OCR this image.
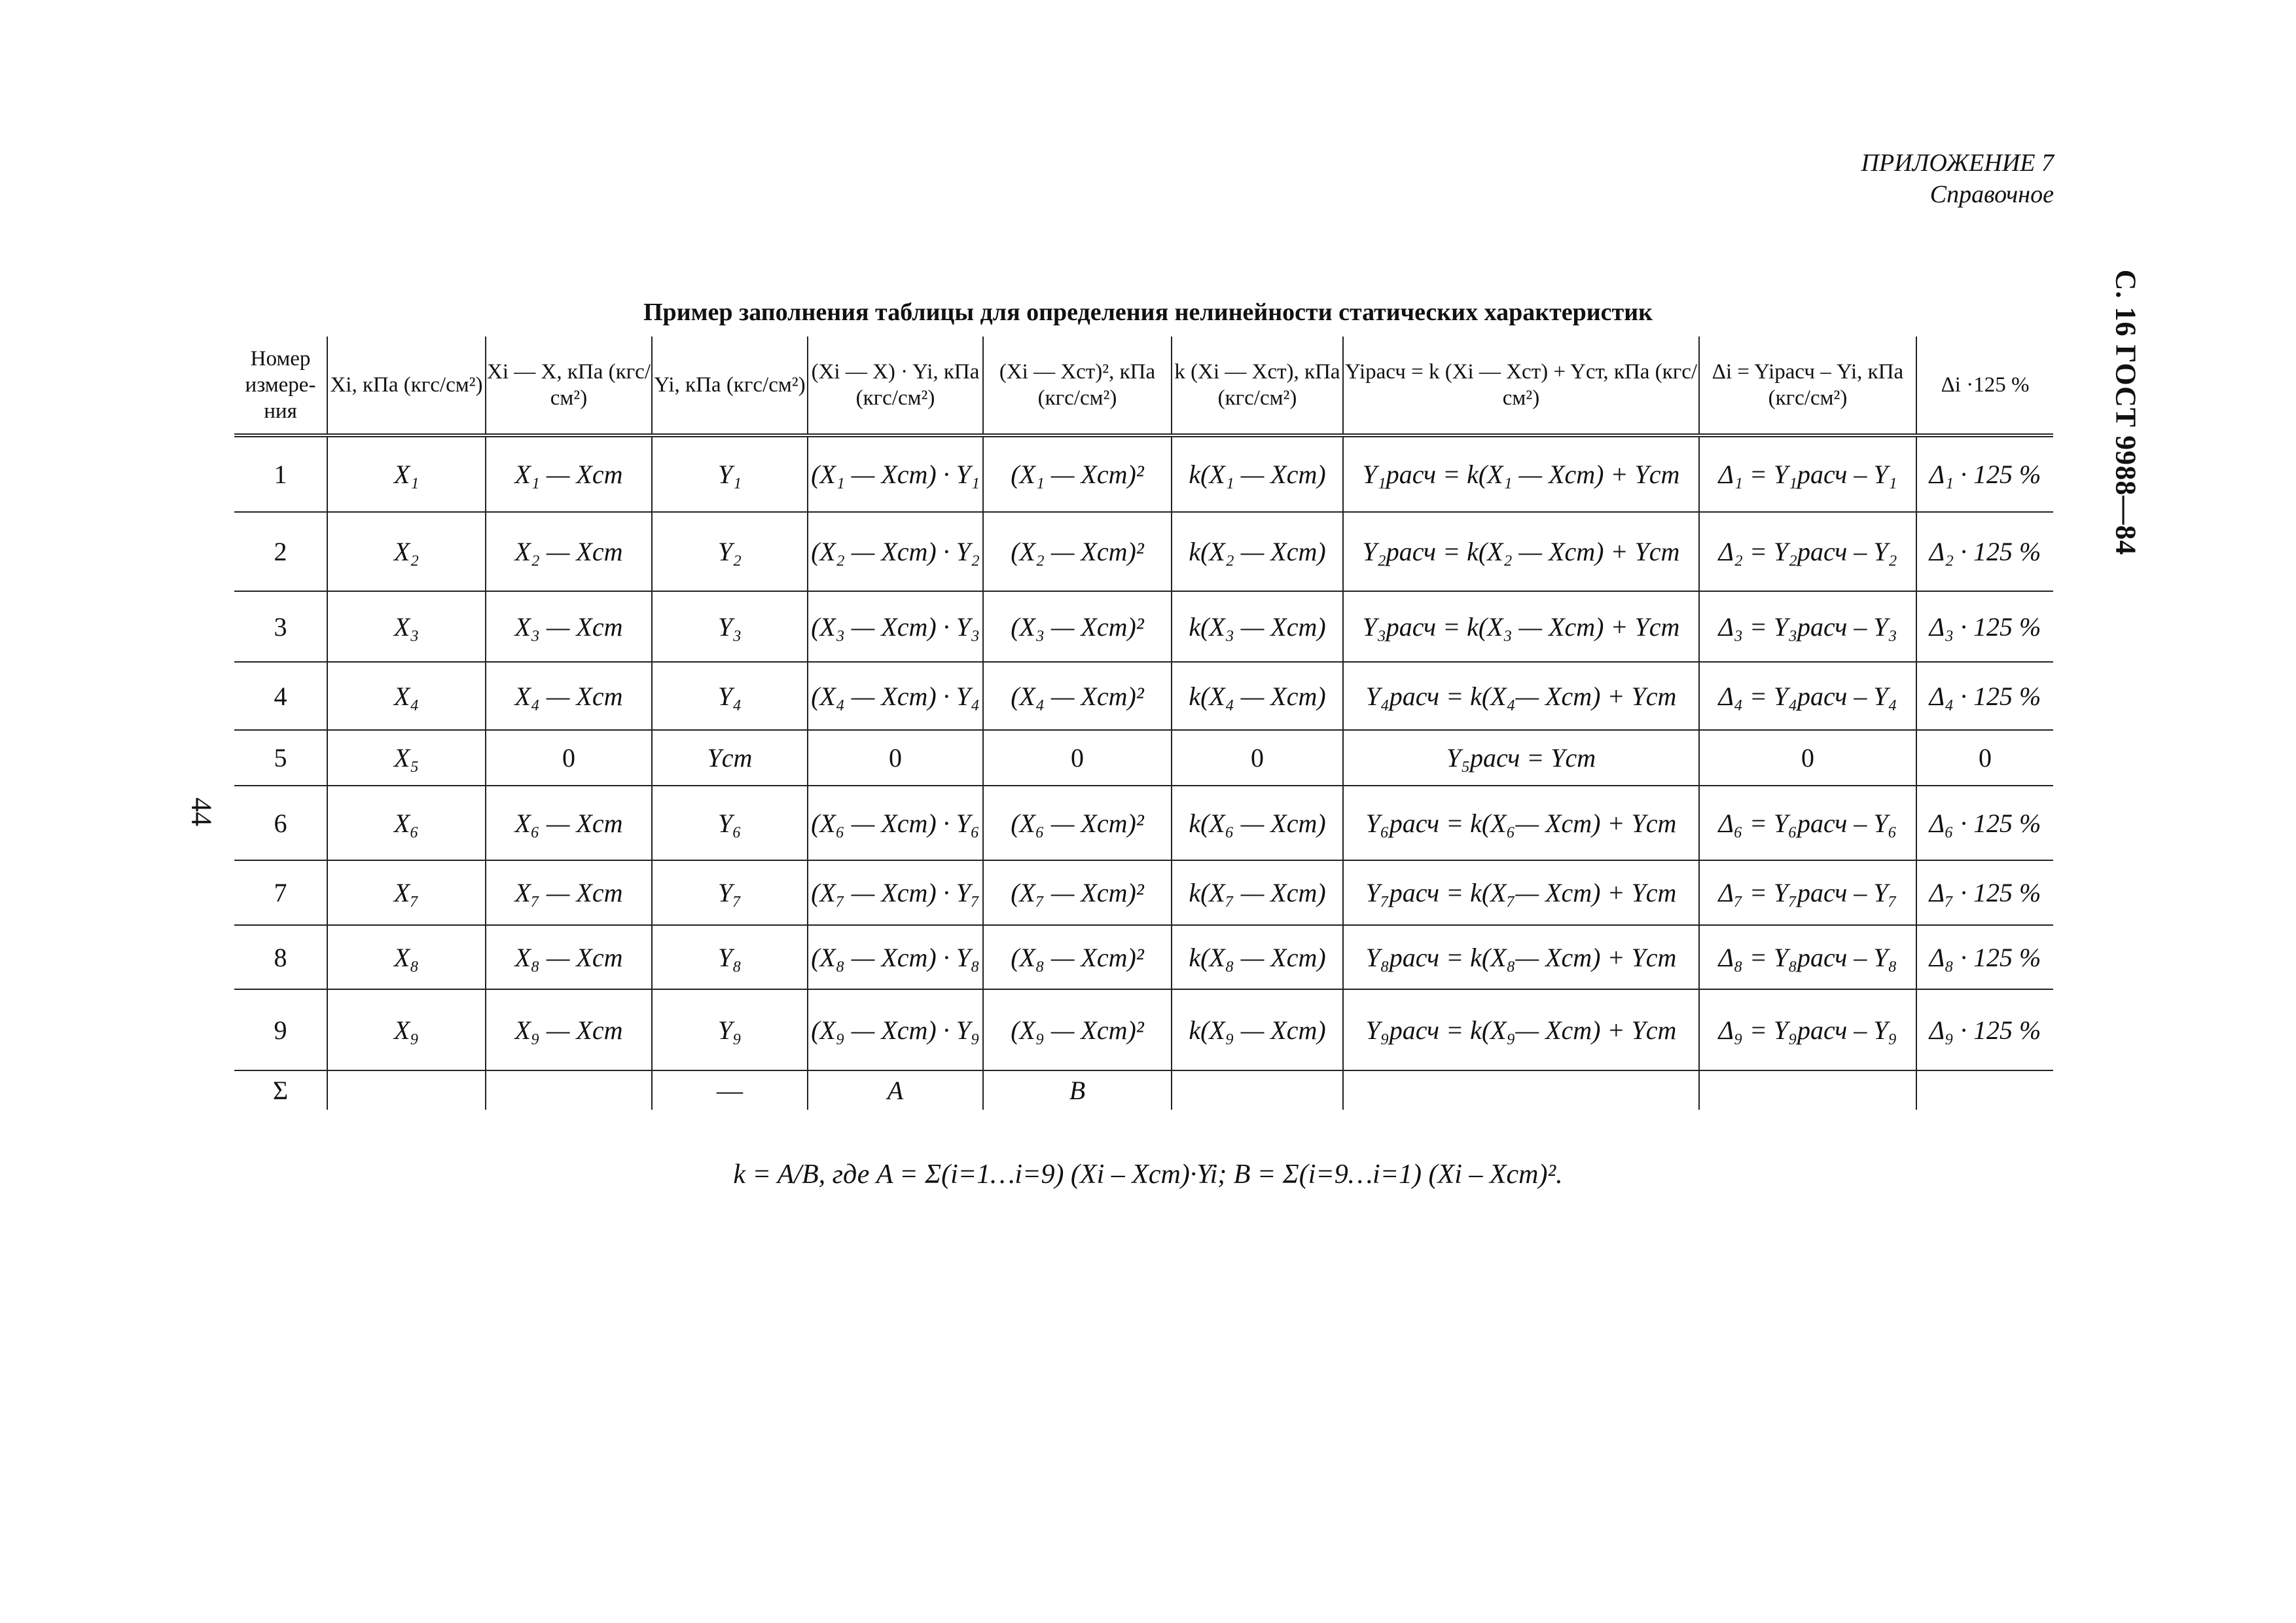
ПРИЛОЖЕНИЕ 7
Справочное
С. 16 ГОСТ 9988—84
44
Пример заполнения таблицы для определения нелинейности статических характеристик
Номер измере-ния	Xi, кПа (кгс/см²)	Xi — X, кПа (кгс/см²)	Yi, кПа (кгс/см²)	(Xi — X) · Yi, кПа (кгс/см²)	(Xi — Xст)², кПа (кгс/см²)	k (Xi — Xст), кПа (кгс/см²)	Yiрасч = k (Xi — Xст) + Yст, кПа (кгс/см²)	Δi = Yiрасч – Yi, кПа (кгс/см²)	Δi ·125 %
1	X₁	X₁ — Xст	Y₁	(X₁ — Xст) · Y₁	(X₁ — Xст)²	k(X₁ — Xст)	Y₁расч = k(X₁ — Xст) + Yст	Δ₁ = Y₁расч – Y₁	Δ₁ · 125 %
2	X₂	X₂ — Xст	Y₂	(X₂ — Xст) · Y₂	(X₂ — Xст)²	k(X₂ — Xст)	Y₂расч = k(X₂ — Xст) + Yст	Δ₂ = Y₂расч – Y₂	Δ₂ · 125 %
3	X₃	X₃ — Xст	Y₃	(X₃ — Xст) · Y₃	(X₃ — Xст)²	k(X₃ — Xст)	Y₃расч = k(X₃ — Xст) + Yст	Δ₃ = Y₃расч – Y₃	Δ₃ · 125 %
4	X₄	X₄ — Xст	Y₄	(X₄ — Xст) · Y₄	(X₄ — Xст)²	k(X₄ — Xст)	Y₄расч = k(X₄— Xст) + Yст	Δ₄ = Y₄расч – Y₄	Δ₄ · 125 %
5	X₅	0	Yст	0	0	0	Y₅расч = Yст	0	0
6	X₆	X₆ — Xст	Y₆	(X₆ — Xст) · Y₆	(X₆ — Xст)²	k(X₆ — Xст)	Y₆расч = k(X₆— Xст) + Yст	Δ₆ = Y₆расч – Y₆	Δ₆ · 125 %
7	X₇	X₇ — Xст	Y₇	(X₇ — Xст) · Y₇	(X₇ — Xст)²	k(X₇ — Xст)	Y₇расч = k(X₇— Xст) + Yст	Δ₇ = Y₇расч – Y₇	Δ₇ · 125 %
8	X₈	X₈ — Xст	Y₈	(X₈ — Xст) · Y₈	(X₈ — Xст)²	k(X₈ — Xст)	Y₈расч = k(X₈— Xст) + Yст	Δ₈ = Y₈расч – Y₈	Δ₈ · 125 %
9	X₉	X₉ — Xст	Y₉	(X₉ — Xст) · Y₉	(X₉ — Xст)²	k(X₉ — Xст)	Y₉расч = k(X₉— Xст) + Yст	Δ₉ = Y₉расч – Y₉	Δ₉ · 125 %
Σ			—	A	B				
k = A/B, где A = Σ(i=1…i=9) (Xi – Xст)·Yi; B = Σ(i=9…i=1) (Xi – Xст)².
